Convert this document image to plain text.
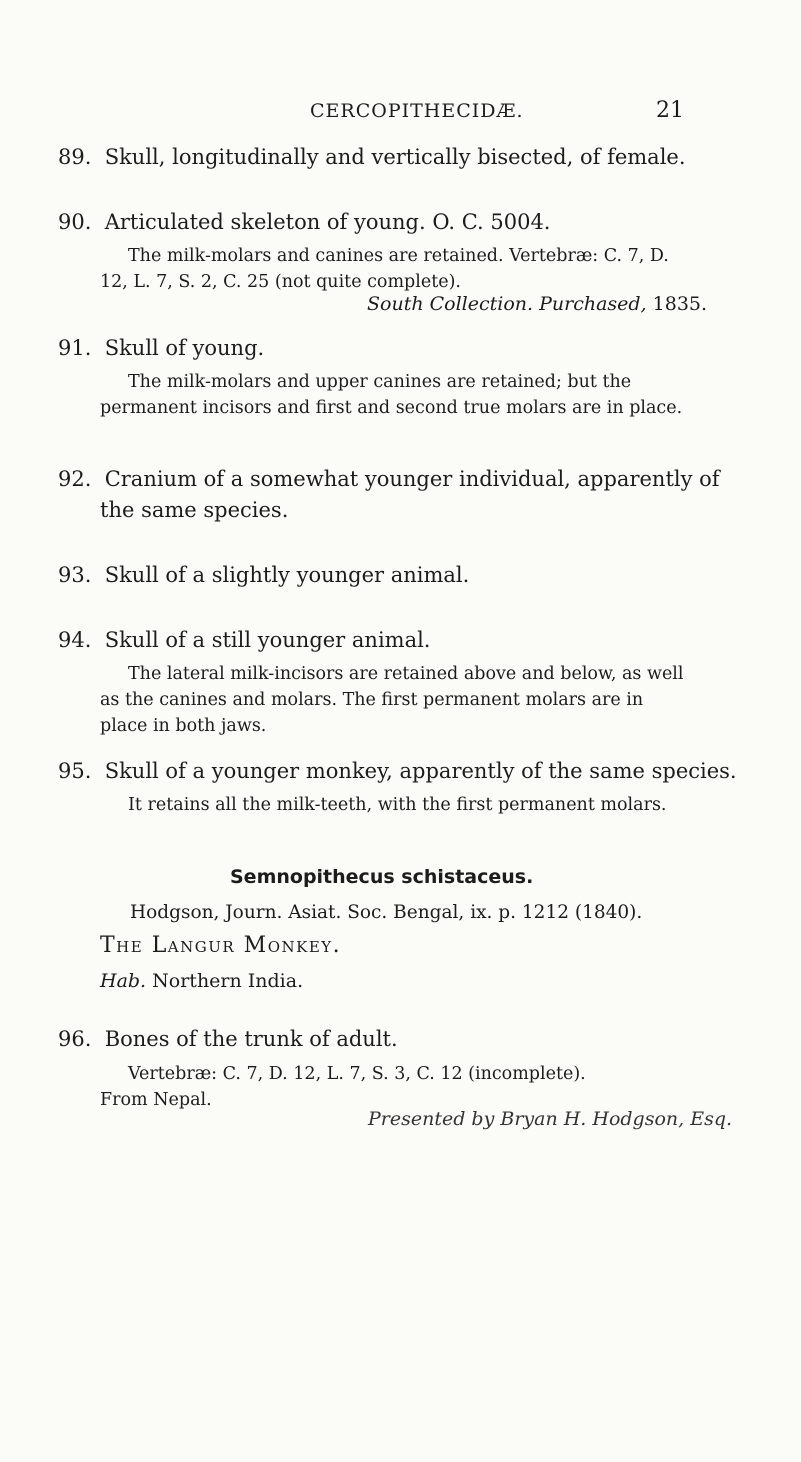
CERCOPITHECIDÆ.	21
89. Skull, longitudinally and vertically bisected, of female.
90. Articulated skeleton of young. O. C. 5004.
The milk-molars and canines are retained. Vertebræ: C. 7, D. 12, L. 7, S. 2, C. 25 (not quite complete).
South Collection. Purchased, 1835.
91. Skull of young.
The milk-molars and upper canines are retained; but the permanent incisors and first and second true molars are in place.
92. Cranium of a somewhat younger individual, apparently of
the same species.
93. Skull of a slightly younger animal.
94. Skull of a still younger animal.
The lateral milk-incisors are retained above and below, as well as the canines and molars. The first permanent molars are in place in both jaws.
95. Skull of a younger monkey, apparently of the same species.
It retains all the milk-teeth, with the first permanent molars.
Semnopithecus schistaceus.
Hodgson, Journ. Asiat. Soc. Bengal, ix. p. 1212 (1840).
The Langur Monkey.
Hab. Northern India.
96. Bones of the trunk of adult.
Vertebræ: C. 7, D. 12, L. 7, S. 3, C. 12 (incomplete).
From Nepal.
Presented by Bryan H. Hodgson, Esq.
